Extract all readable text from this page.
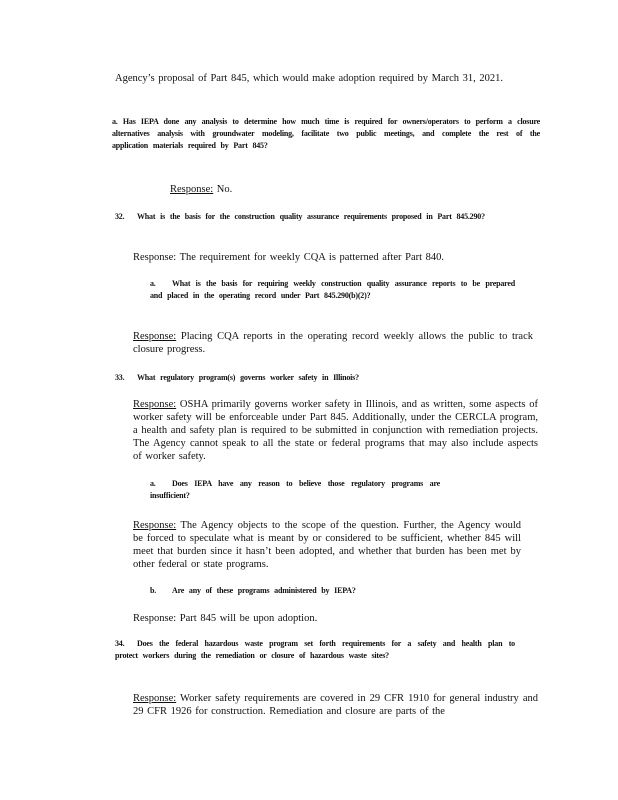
Agency’s proposal of Part 845, which would make adoption required by March 31, 2021.
a. Has IEPA done any analysis to determine how much time is required for owners/operators to perform a closure alternatives analysis with groundwater modeling, facilitate two public meetings, and complete the rest of the application materials required by Part 845?
Response: No.
32. What is the basis for the construction quality assurance requirements proposed in Part 845.290?
Response: The requirement for weekly CQA is patterned after Part 840.
a. What is the basis for requiring weekly construction quality assurance reports to be prepared and placed in the operating record under Part 845.290(b)(2)?
Response: Placing CQA reports in the operating record weekly allows the public to track closure progress.
33. What regulatory program(s) governs worker safety in Illinois?
Response: OSHA primarily governs worker safety in Illinois, and as written, some aspects of worker safety will be enforceable under Part 845. Additionally, under the CERCLA program, a health and safety plan is required to be submitted in conjunction with remediation projects. The Agency cannot speak to all the state or federal programs that may also include aspects of worker safety.
a. Does IEPA have any reason to believe those regulatory programs are insufficient?
Response: The Agency objects to the scope of the question. Further, the Agency would be forced to speculate what is meant by or considered to be sufficient, whether 845 will meet that burden since it hasn’t been adopted, and whether that burden has been met by other federal or state programs.
b. Are any of these programs administered by IEPA?
Response: Part 845 will be upon adoption.
34. Does the federal hazardous waste program set forth requirements for a safety and health plan to protect workers during the remediation or closure of hazardous waste sites?
Response: Worker safety requirements are covered in 29 CFR 1910 for general industry and 29 CFR 1926 for construction. Remediation and closure are parts of the
